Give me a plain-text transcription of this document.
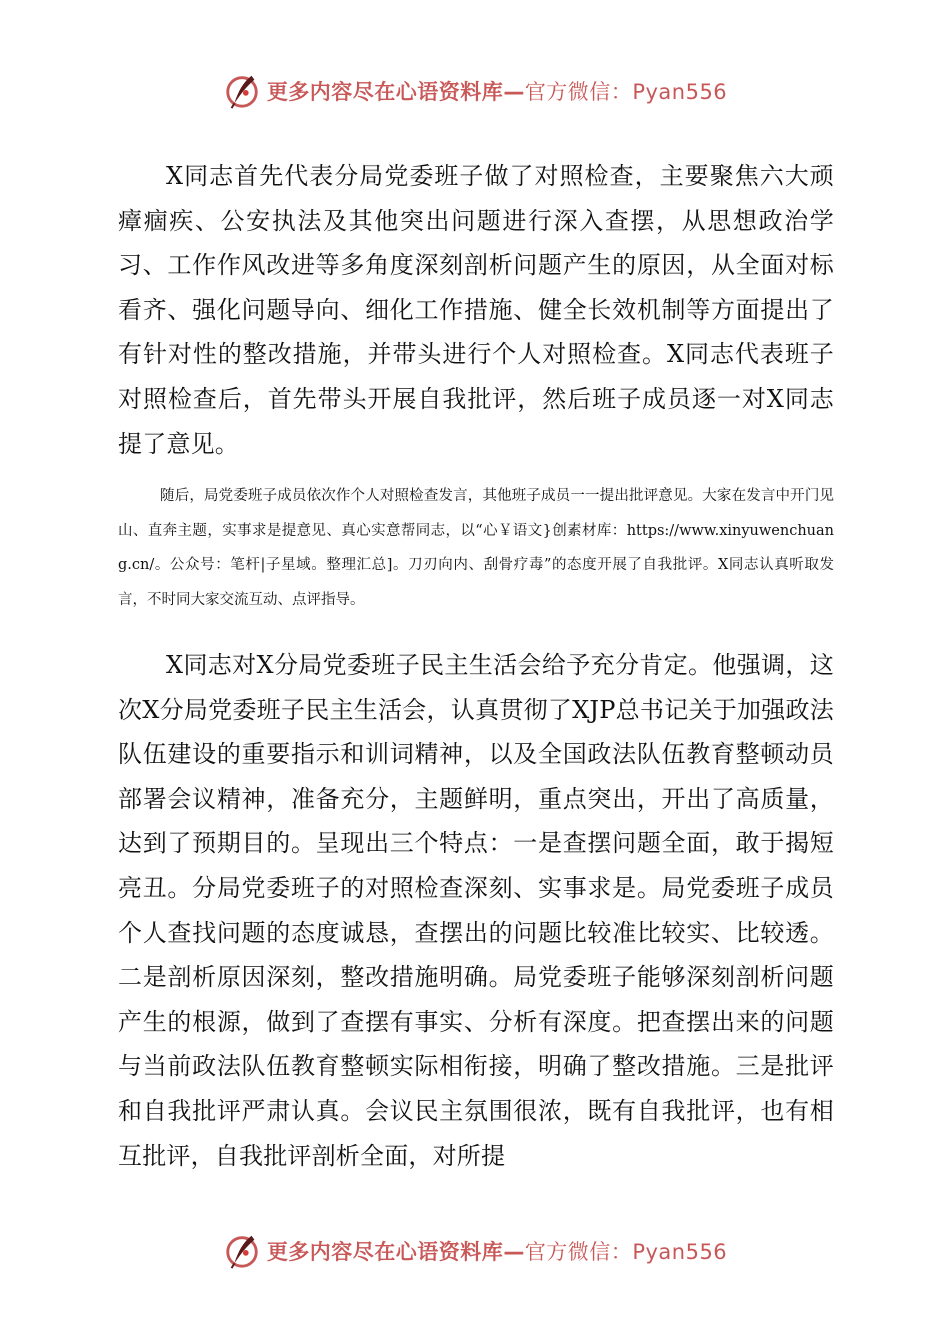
更多内容尽在心语资料库—官方微信：Pyan556

X同志首先代表分局党委班子做了对照检查，主要聚焦六大顽瘴痼疾、公安执法及其他突出问题进行深入查摆，从思想政治学习、工作作风改进等多角度深刻剖析问题产生的原因，从全面对标看齐、强化问题导向、细化工作措施、健全长效机制等方面提出了有针对性的整改措施，并带头进行个人对照检查。X同志代表班子对照检查后，首先带头开展自我批评，然后班子成员逐一对X同志提了意见。

随后，局党委班子成员依次作个人对照检查发言，其他班子成员一一提出批评意见。大家在发言中开门见山、直奔主题，实事求是提意见、真心实意帮同志，以“心￥语文}创素材库：https://www.xinyuwenchuang.cn/。公众号：笔杆|子星域。整理汇总]。刀刃向内、刮骨疗毒”的态度开展了自我批评。X同志认真听取发言，不时同大家交流互动、点评指导。

X同志对X分局党委班子民主生活会给予充分肯定。他强调，这次X分局党委班子民主生活会，认真贯彻了XJP总书记关于加强政法队伍建设的重要指示和训词精神，以及全国政法队伍教育整顿动员部署会议精神，准备充分，主题鲜明，重点突出，开出了高质量，达到了预期目的。呈现出三个特点：一是查摆问题全面，敢于揭短亮丑。分局党委班子的对照检查深刻、实事求是。局党委班子成员个人查找问题的态度诚恳，查摆出的问题比较准比较实、比较透。二是剖析原因深刻，整改措施明确。局党委班子能够深刻剖析问题产生的根源，做到了查摆有事实、分析有深度。把查摆出来的问题与当前政法队伍教育整顿实际相衔接，明确了整改措施。三是批评和自我批评严肃认真。会议民主氛围很浓，既有自我批评，也有相互批评，自我批评剖析全面，对所提

更多内容尽在心语资料库—官方微信：Pyan556
